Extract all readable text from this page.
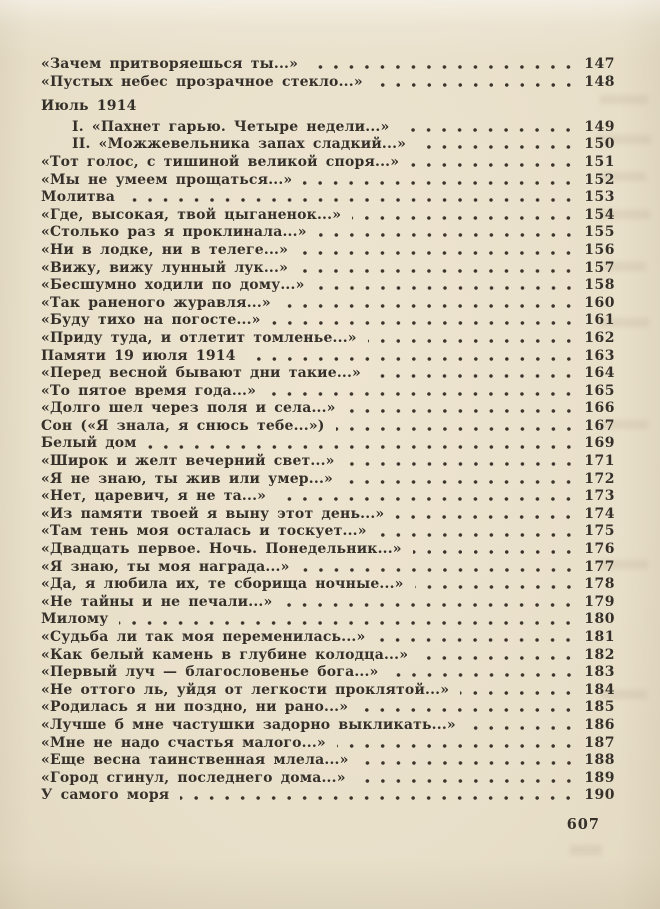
«Зачем притворяешься ты...»	147
«Пустых небес прозрачное стекло...»	148
Июль 1914
I. «Пахнет гарью. Четыре недели...»	149
II. «Можжевельника запах сладкий...»	150
«Тот голос, с тишиной великой споря...»	151
«Мы не умеем прощаться...»	152
Молитва	153
«Где, высокая, твой цыганенок...»	154
«Столько раз я проклинала...»	155
«Ни в лодке, ни в телеге...»	156
«Вижу, вижу лунный лук...»	157
«Бесшумно ходили по дому...»	158
«Так раненого журавля...»	160
«Буду тихо на погосте...»	161
«Приду туда, и отлетит томленье...»	162
Памяти 19 июля 1914	163
«Перед весной бывают дни такие...»	164
«То пятое время года...»	165
«Долго шел через поля и села...»	166
Сон («Я знала, я снюсь тебе...»)	167
Белый дом	169
«Широк и желт вечерний свет...»	171
«Я не знаю, ты жив или умер...»	172
«Нет, царевич, я не та...»	173
«Из памяти твоей я выну этот день...»	174
«Там тень моя осталась и тоскует...»	175
«Двадцать первое. Ночь. Понедельник...»	176
«Я знаю, ты моя награда...»	177
«Да, я любила их, те сборища ночные...»	178
«Не тайны и не печали...»	179
Милому	180
«Судьба ли так моя переменилась...»	181
«Как белый камень в глубине колодца...»	182
«Первый луч — благословенье бога...»	183
«Не оттого ль, уйдя от легкости проклятой...»	184
«Родилась я ни поздно, ни рано...»	185
«Лучше б мне частушки задорно выкликать...»	186
«Мне не надо счастья малого...»	187
«Еще весна таинственная млела...»	188
«Город сгинул, последнего дома...»	189
У самого моря	190
607
